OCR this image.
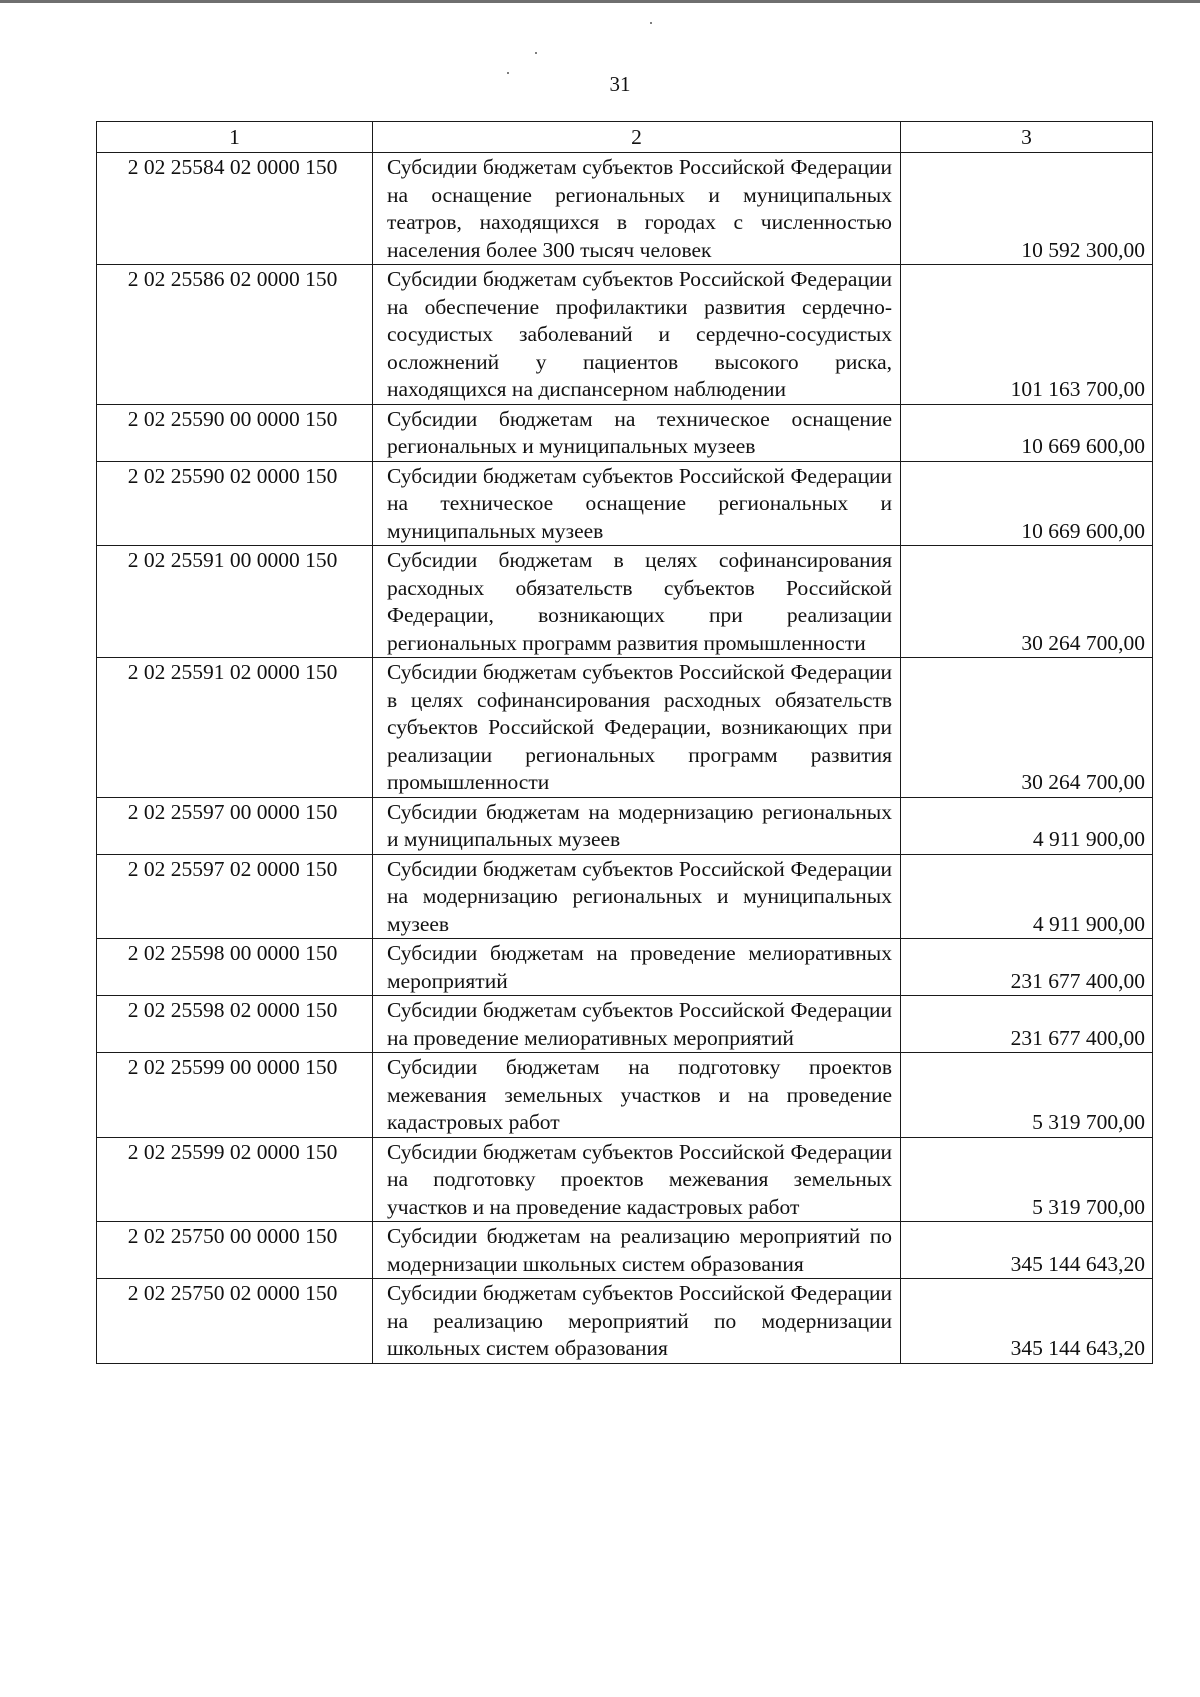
31
1	2	3
2 02 25584 02 0000 150	Субсидии бюджетам субъектов Российской Федерации на оснащение региональных и муниципальных театров, находящихся в городах с численностью населения более 300 тысяч человек	10 592 300,00
2 02 25586 02 0000 150	Субсидии бюджетам субъектов Российской Федерации на обеспечение профилактики развития сердечно-сосудистых заболеваний и сердечно-сосудистых осложнений у пациентов высокого риска, находящихся на диспансерном наблюдении	101 163 700,00
2 02 25590 00 0000 150	Субсидии бюджетам на техническое оснащение региональных и муниципальных музеев	10 669 600,00
2 02 25590 02 0000 150	Субсидии бюджетам субъектов Российской Федерации на техническое оснащение региональных и муниципальных музеев	10 669 600,00
2 02 25591 00 0000 150	Субсидии бюджетам в целях софинансирования расходных обязательств субъектов Российской Федерации, возникающих при реализации региональных программ развития промышленности	30 264 700,00
2 02 25591 02 0000 150	Субсидии бюджетам субъектов Российской Федерации в целях софинансирования расходных обязательств субъектов Российской Федерации, возникающих при реализации региональных программ развития промышленности	30 264 700,00
2 02 25597 00 0000 150	Субсидии бюджетам на модернизацию региональных и муниципальных музеев	4 911 900,00
2 02 25597 02 0000 150	Субсидии бюджетам субъектов Российской Федерации на модернизацию региональных и муниципальных музеев	4 911 900,00
2 02 25598 00 0000 150	Субсидии бюджетам на проведение мелиоративных мероприятий	231 677 400,00
2 02 25598 02 0000 150	Субсидии бюджетам субъектов Российской Федерации на проведение мелиоративных мероприятий	231 677 400,00
2 02 25599 00 0000 150	Субсидии бюджетам на подготовку проектов межевания земельных участков и на проведение кадастровых работ	5 319 700,00
2 02 25599 02 0000 150	Субсидии бюджетам субъектов Российской Федерации на подготовку проектов межевания земельных участков и на проведение кадастровых работ	5 319 700,00
2 02 25750 00 0000 150	Субсидии бюджетам на реализацию мероприятий по модернизации школьных систем образования	345 144 643,20
2 02 25750 02 0000 150	Субсидии бюджетам субъектов Российской Федерации на реализацию мероприятий по модернизации школьных систем образования	345 144 643,20
